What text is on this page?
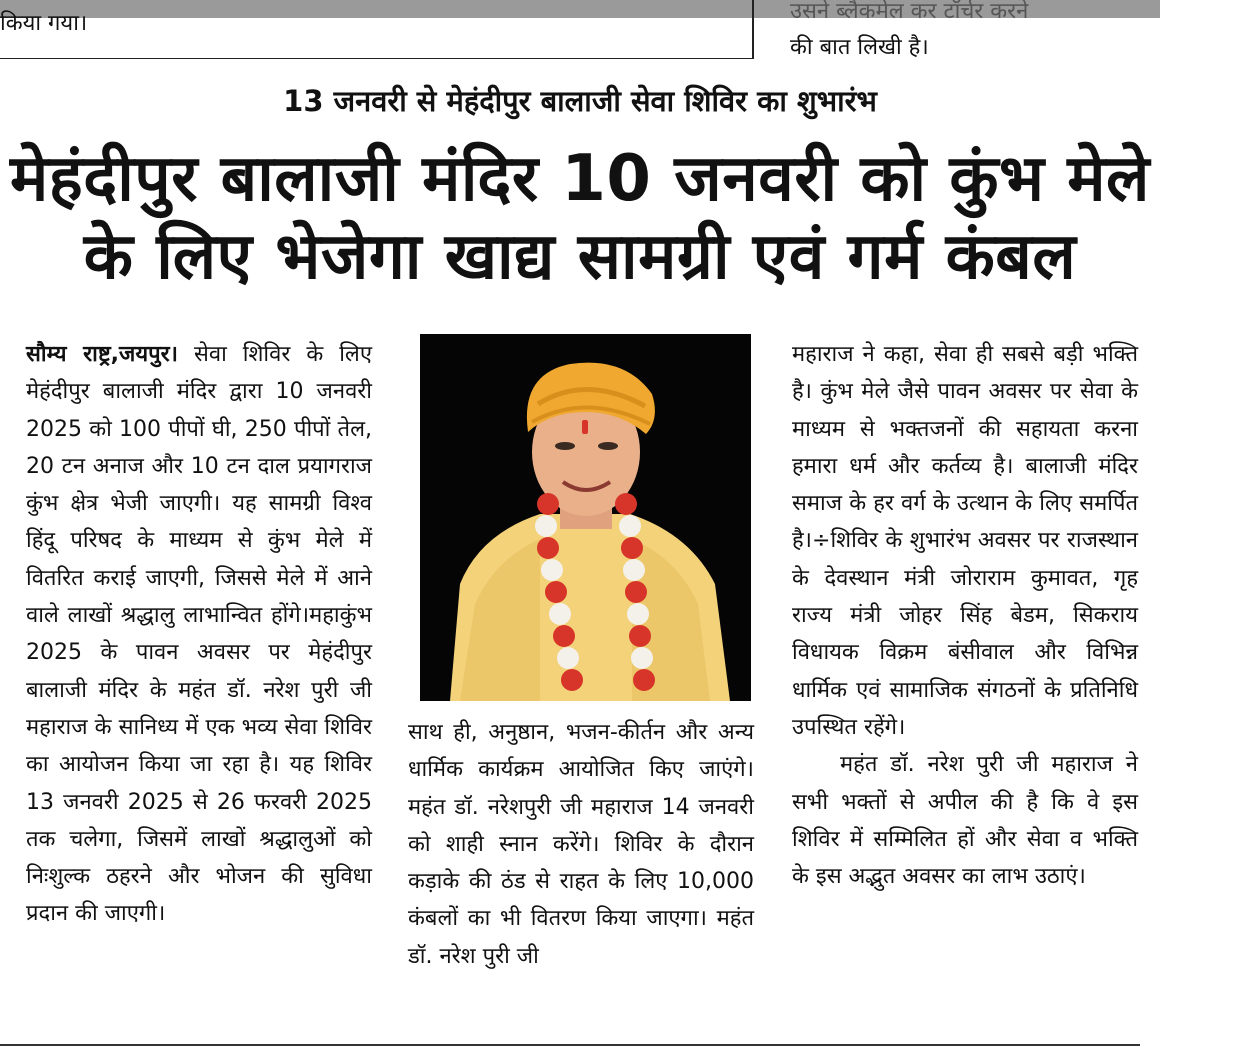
किया गया।	उसने ब्लैकमेल कर टॉर्चर करने
की बात लिखी है।
13 जनवरी से मेहंदीपुर बालाजी सेवा शिविर का शुभारंभ
मेहंदीपुर बालाजी मंदिर 10 जनवरी को कुंभ मेले के लिए भेजेगा खाद्य सामग्री एवं गर्म कंबल

सौम्य राष्ट्र,जयपुर। सेवा शिविर के लिए मेहंदीपुर बालाजी मंदिर द्वारा 10 जनवरी 2025 को 100 पीपों घी, 250 पीपों तेल, 20 टन अनाज और 10 टन दाल प्रयागराज कुंभ क्षेत्र भेजी जाएगी। यह सामग्री विश्व हिंदू परिषद के माध्यम से कुंभ मेले में वितरित कराई जाएगी, जिससे मेले में आने वाले लाखों श्रद्धालु लाभान्वित होंगे।महाकुंभ 2025 के पावन अवसर पर मेहंदीपुर बालाजी मंदिर के महंत डॉ. नरेश पुरी जी महाराज के सानिध्य में एक भव्य सेवा शिविर का आयोजन किया जा रहा है। यह शिविर 13 जनवरी 2025 से 26 फरवरी 2025 तक चलेगा, जिसमें लाखों श्रद्धालुओं को निःशुल्क ठहरने और भोजन की सुविधा प्रदान की जाएगी।

साथ ही, अनुष्ठान, भजन-कीर्तन और अन्य धार्मिक कार्यक्रम आयोजित किए जाएंगे।महंत डॉ. नरेशपुरी जी महाराज 14 जनवरी को शाही स्नान करेंगे। शिविर के दौरान कड़ाके की ठंड से राहत के लिए 10,000 कंबलों का भी वितरण किया जाएगा। महंत डॉ. नरेश पुरी जी

महाराज ने कहा, सेवा ही सबसे बड़ी भक्ति है। कुंभ मेले जैसे पावन अवसर पर सेवा के माध्यम से भक्तजनों की सहायता करना हमारा धर्म और कर्तव्य है। बालाजी मंदिर समाज के हर वर्ग के उत्थान के लिए समर्पित है।÷शिविर के शुभारंभ अवसर पर राजस्थान के देवस्थान मंत्री जोराराम कुमावत, गृह राज्य मंत्री जोहर सिंह बेडम, सिकराय विधायक विक्रम बंसीवाल और विभिन्न धार्मिक एवं सामाजिक संगठनों के प्रतिनिधि उपस्थित रहेंगे।

महंत डॉ. नरेश पुरी जी महाराज ने सभी भक्तों से अपील की है कि वे इस शिविर में सम्मिलित हों और सेवा व भक्ति के इस अद्भुत अवसर का लाभ उठाएं।
